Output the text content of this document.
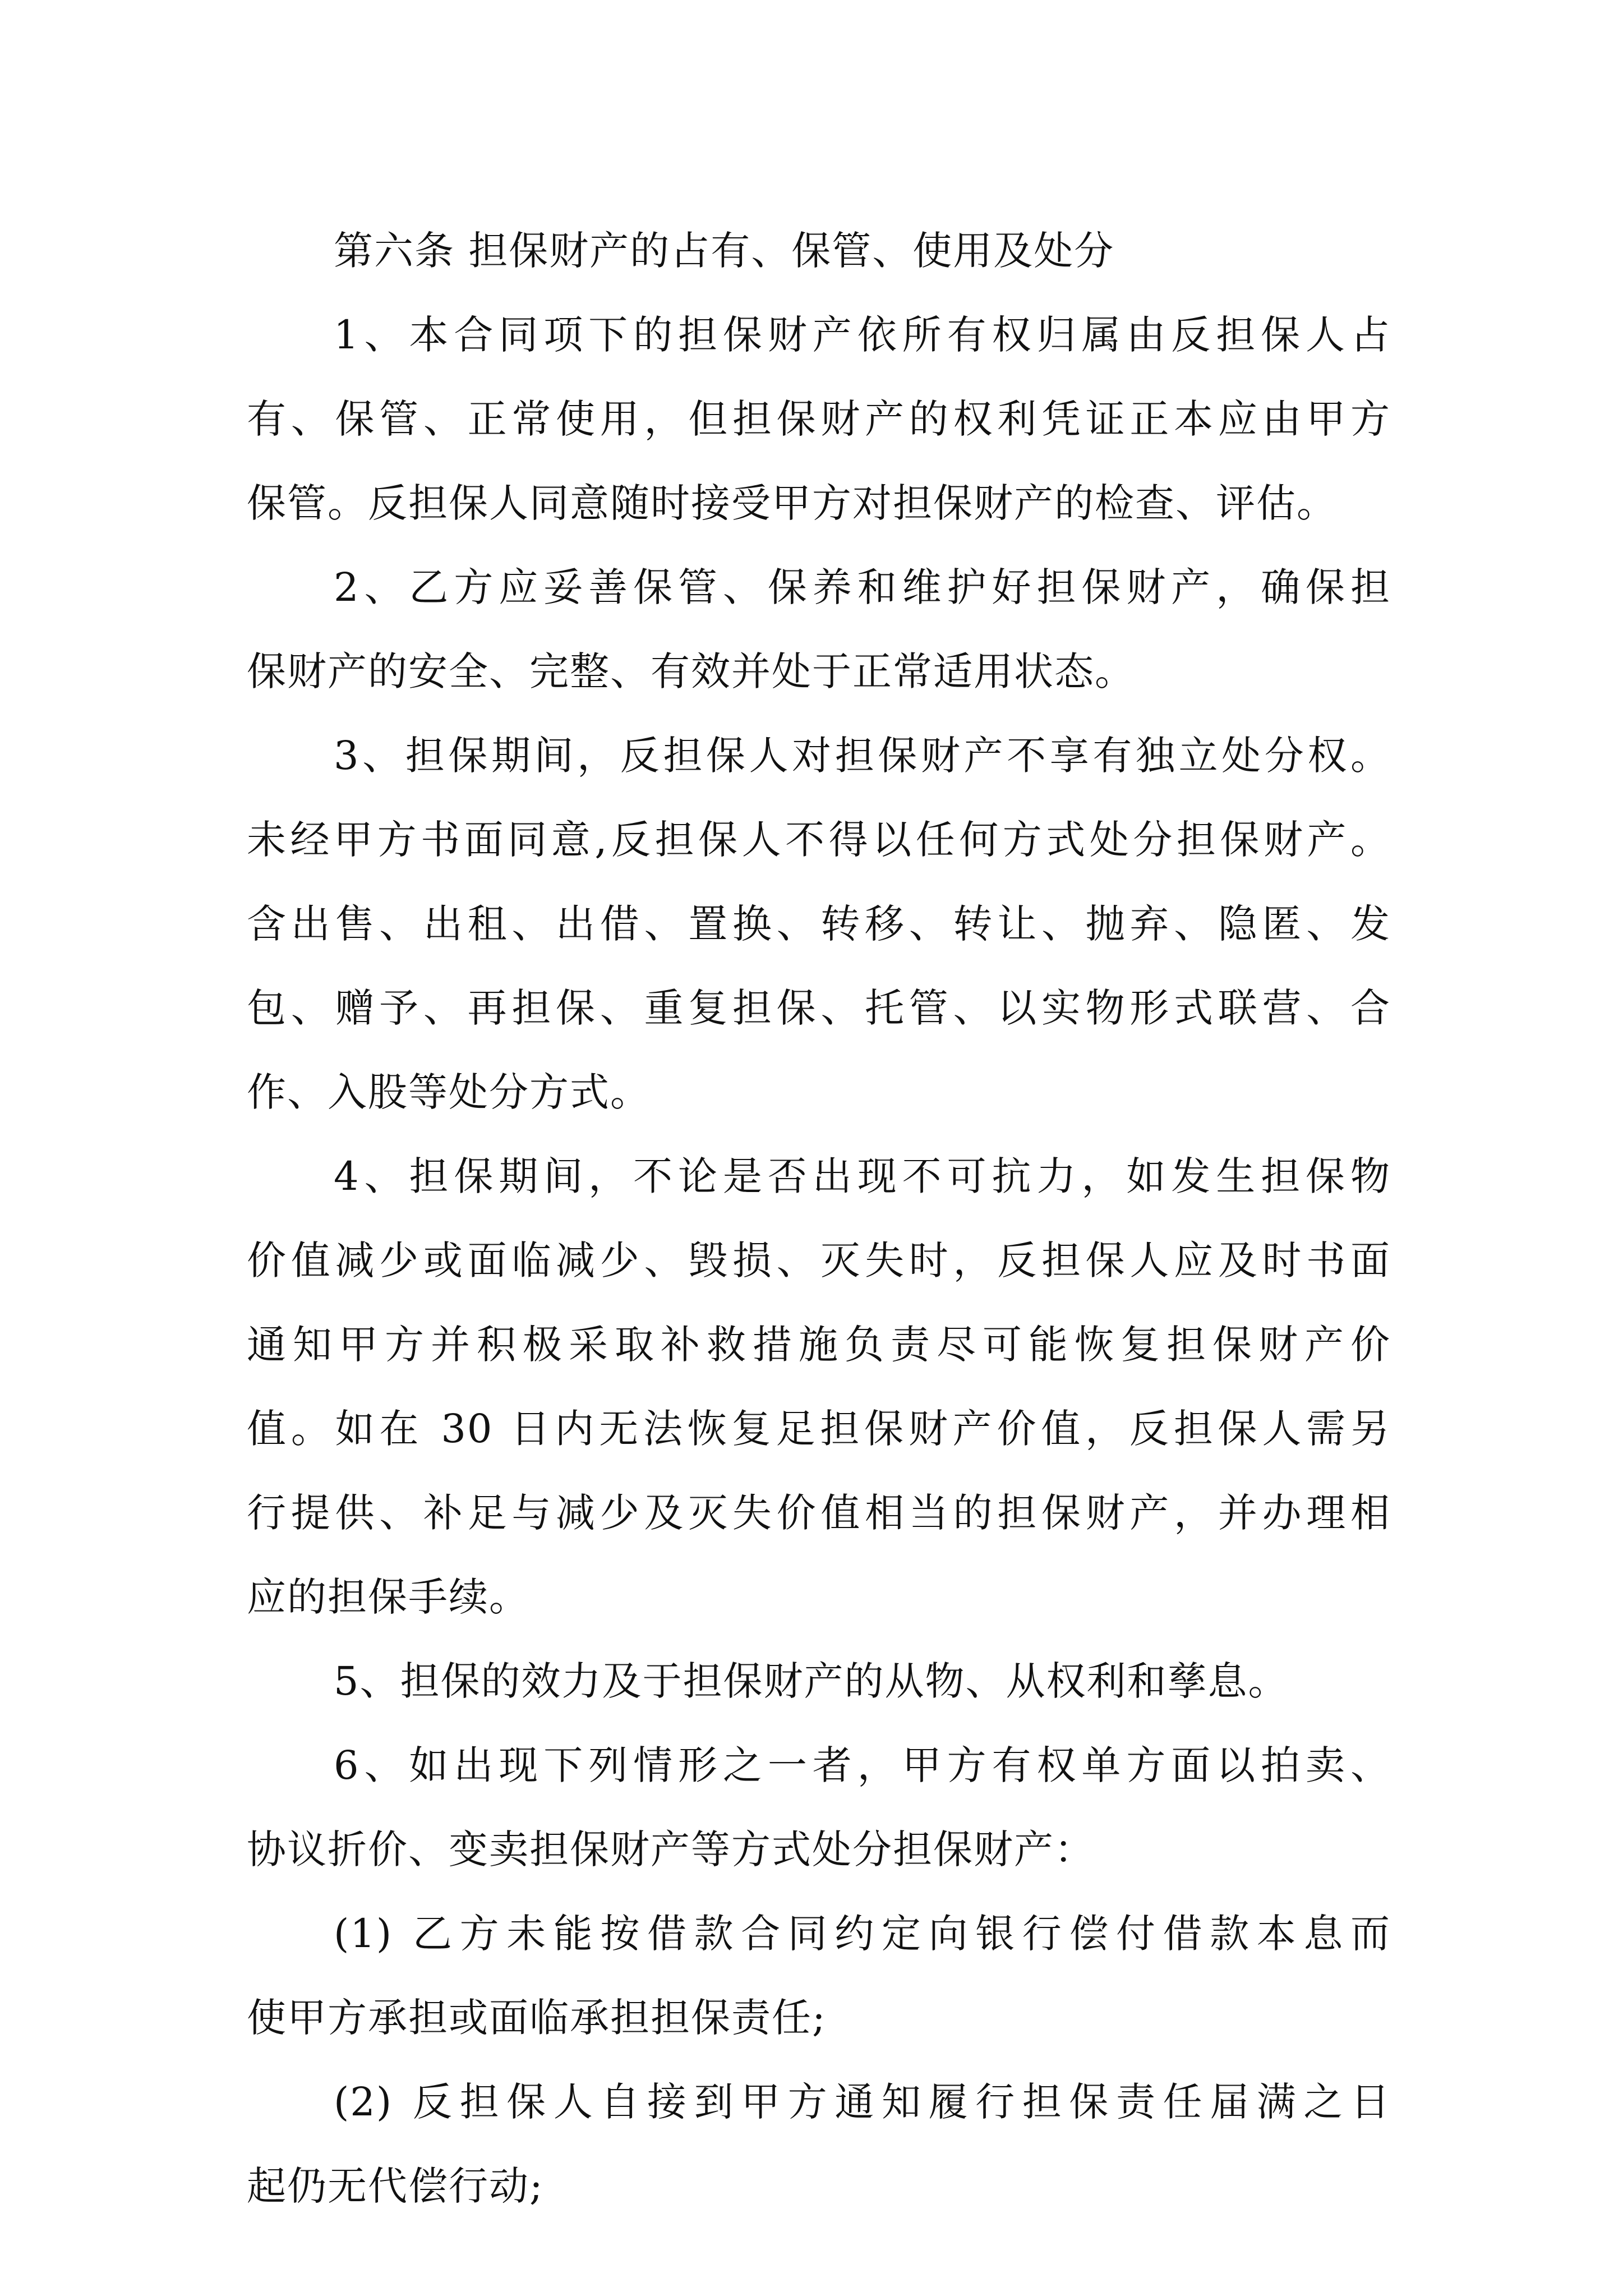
第六条 担保财产的占有、保管、使用及处分
1、本合同项下的担保财产依所有权归属由反担保人占
有、保管、正常使用，但担保财产的权利凭证正本应由甲方
保管。反担保人同意随时接受甲方对担保财产的检查、评估。
2、乙方应妥善保管、保养和维护好担保财产，确保担
保财产的安全、完整、有效并处于正常适用状态。
3、担保期间，反担保人对担保财产不享有独立处分权。
未经甲方书面同意,反担保人不得以任何方式处分担保财产。
含出售、出租、出借、置换、转移、转让、抛弃、隐匿、发
包、赠予、再担保、重复担保、托管、以实物形式联营、合
作、入股等处分方式。
4、担保期间，不论是否出现不可抗力，如发生担保物
价值减少或面临减少、毁损、灭失时，反担保人应及时书面
通知甲方并积极采取补救措施负责尽可能恢复担保财产价
值。如在 30 日内无法恢复足担保财产价值，反担保人需另
行提供、补足与减少及灭失价值相当的担保财产，并办理相
应的担保手续。
5、担保的效力及于担保财产的从物、从权利和孳息。
6、如出现下列情形之一者，甲方有权单方面以拍卖、
协议折价、变卖担保财产等方式处分担保财产：
(1) 乙方未能按借款合同约定向银行偿付借款本息而
使甲方承担或面临承担担保责任;
(2) 反担保人自接到甲方通知履行担保责任届满之日
起仍无代偿行动;
